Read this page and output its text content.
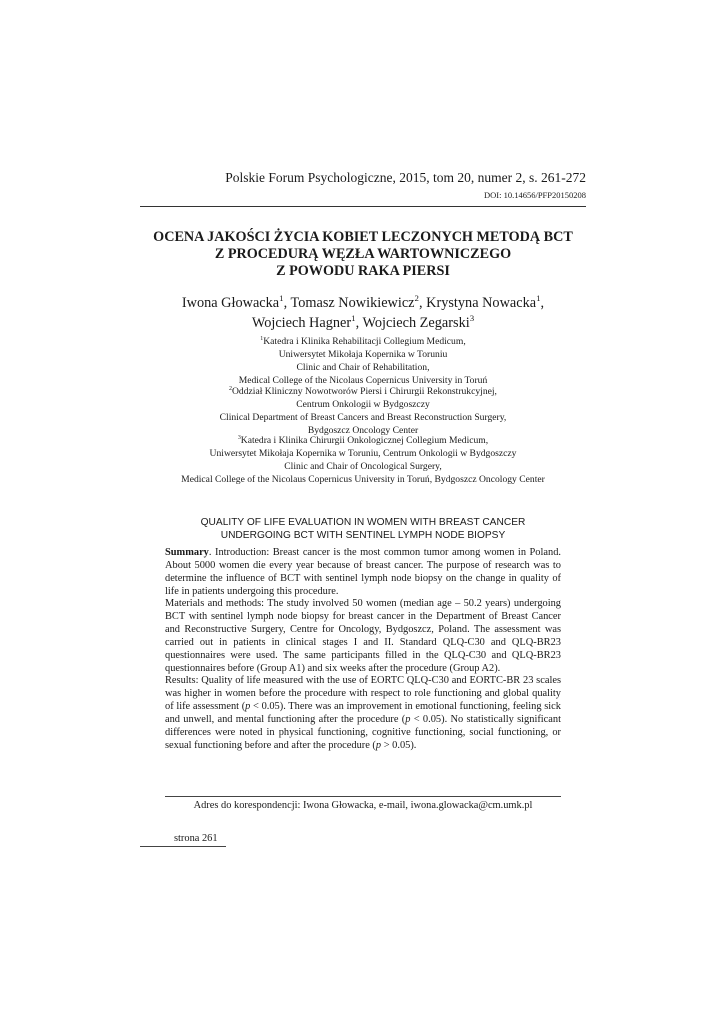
Polskie Forum Psychologiczne, 2015, tom 20, numer 2, s. 261-272
DOI: 10.14656/PFP20150208
OCENA JAKOŚCI ŻYCIA KOBIET LECZONYCH METODĄ BCT
Z PROCEDURĄ WĘZŁA WARTOWNICZEGO
Z POWODU RAKA PIERSI
Iwona Głowacka$^1$, Tomasz Nowikiewicz$^2$, Krystyna Nowacka$^1$,
Wojciech Hagner$^1$, Wojciech Zegarski$^3$
$^1$Katedra i Klinika Rehabilitacji Collegium Medicum,
Uniwersytet Mikołaja Kopernika w Toruniu
Clinic and Chair of Rehabilitation,
Medical College of the Nicolaus Copernicus University in Toruń
$^2$Oddział Kliniczny Nowotworów Piersi i Chirurgii Rekonstrukcyjnej,
Centrum Onkologii w Bydgoszczy
Clinical Department of Breast Cancers and Breast Reconstruction Surgery,
Bydgoszcz Oncology Center
$^3$Katedra i Klinika Chirurgii Onkologicznej Collegium Medicum,
Uniwersytet Mikołaja Kopernika w Toruniu, Centrum Onkologii w Bydgoszczy
Clinic and Chair of Oncological Surgery,
Medical College of the Nicolaus Copernicus University in Toruń, Bydgoszcz Oncology Center
QUALITY OF LIFE EVALUATION IN WOMEN WITH BREAST CANCER
UNDERGOING BCT WITH SENTINEL LYMPH NODE BIOPSY

Summary. Introduction: Breast cancer is the most common tumor among women in Poland. About 5000 women die every year because of breast cancer. The purpose of research was to determine the influence of BCT with sentinel lymph node biopsy on the change in quality of life in patients undergoing this procedure.

Materials and methods: The study involved 50 women (median age – 50.2 years) undergoing BCT with sentinel lymph node biopsy for breast cancer in the Department of Breast Cancer and Reconstructive Surgery, Centre for Oncology, Bydgoszcz, Poland. The assessment was carried out in patients in clinical stages I and II. Standard QLQ-C30 and QLQ-BR23 questionnaires were used. The same participants filled in the QLQ-C30 and QLQ-BR23 questionnaires before (Group A1) and six weeks after the procedure (Group A2).

Results: Quality of life measured with the use of EORTC QLQ-C30 and EORTC-BR 23 scales was higher in women before the procedure with respect to role functioning and global quality of life assessment (p < 0.05). There was an improvement in emotional functioning, feeling sick and unwell, and mental functioning after the procedure (p < 0.05). No statistically significant differences were noted in physical functioning, cognitive functioning, social functioning, or sexual functioning before and after the procedure (p > 0.05).

Adres do korespondencji: Iwona Głowacka, e-mail, iwona.glowacka@cm.umk.pl
strona 261
